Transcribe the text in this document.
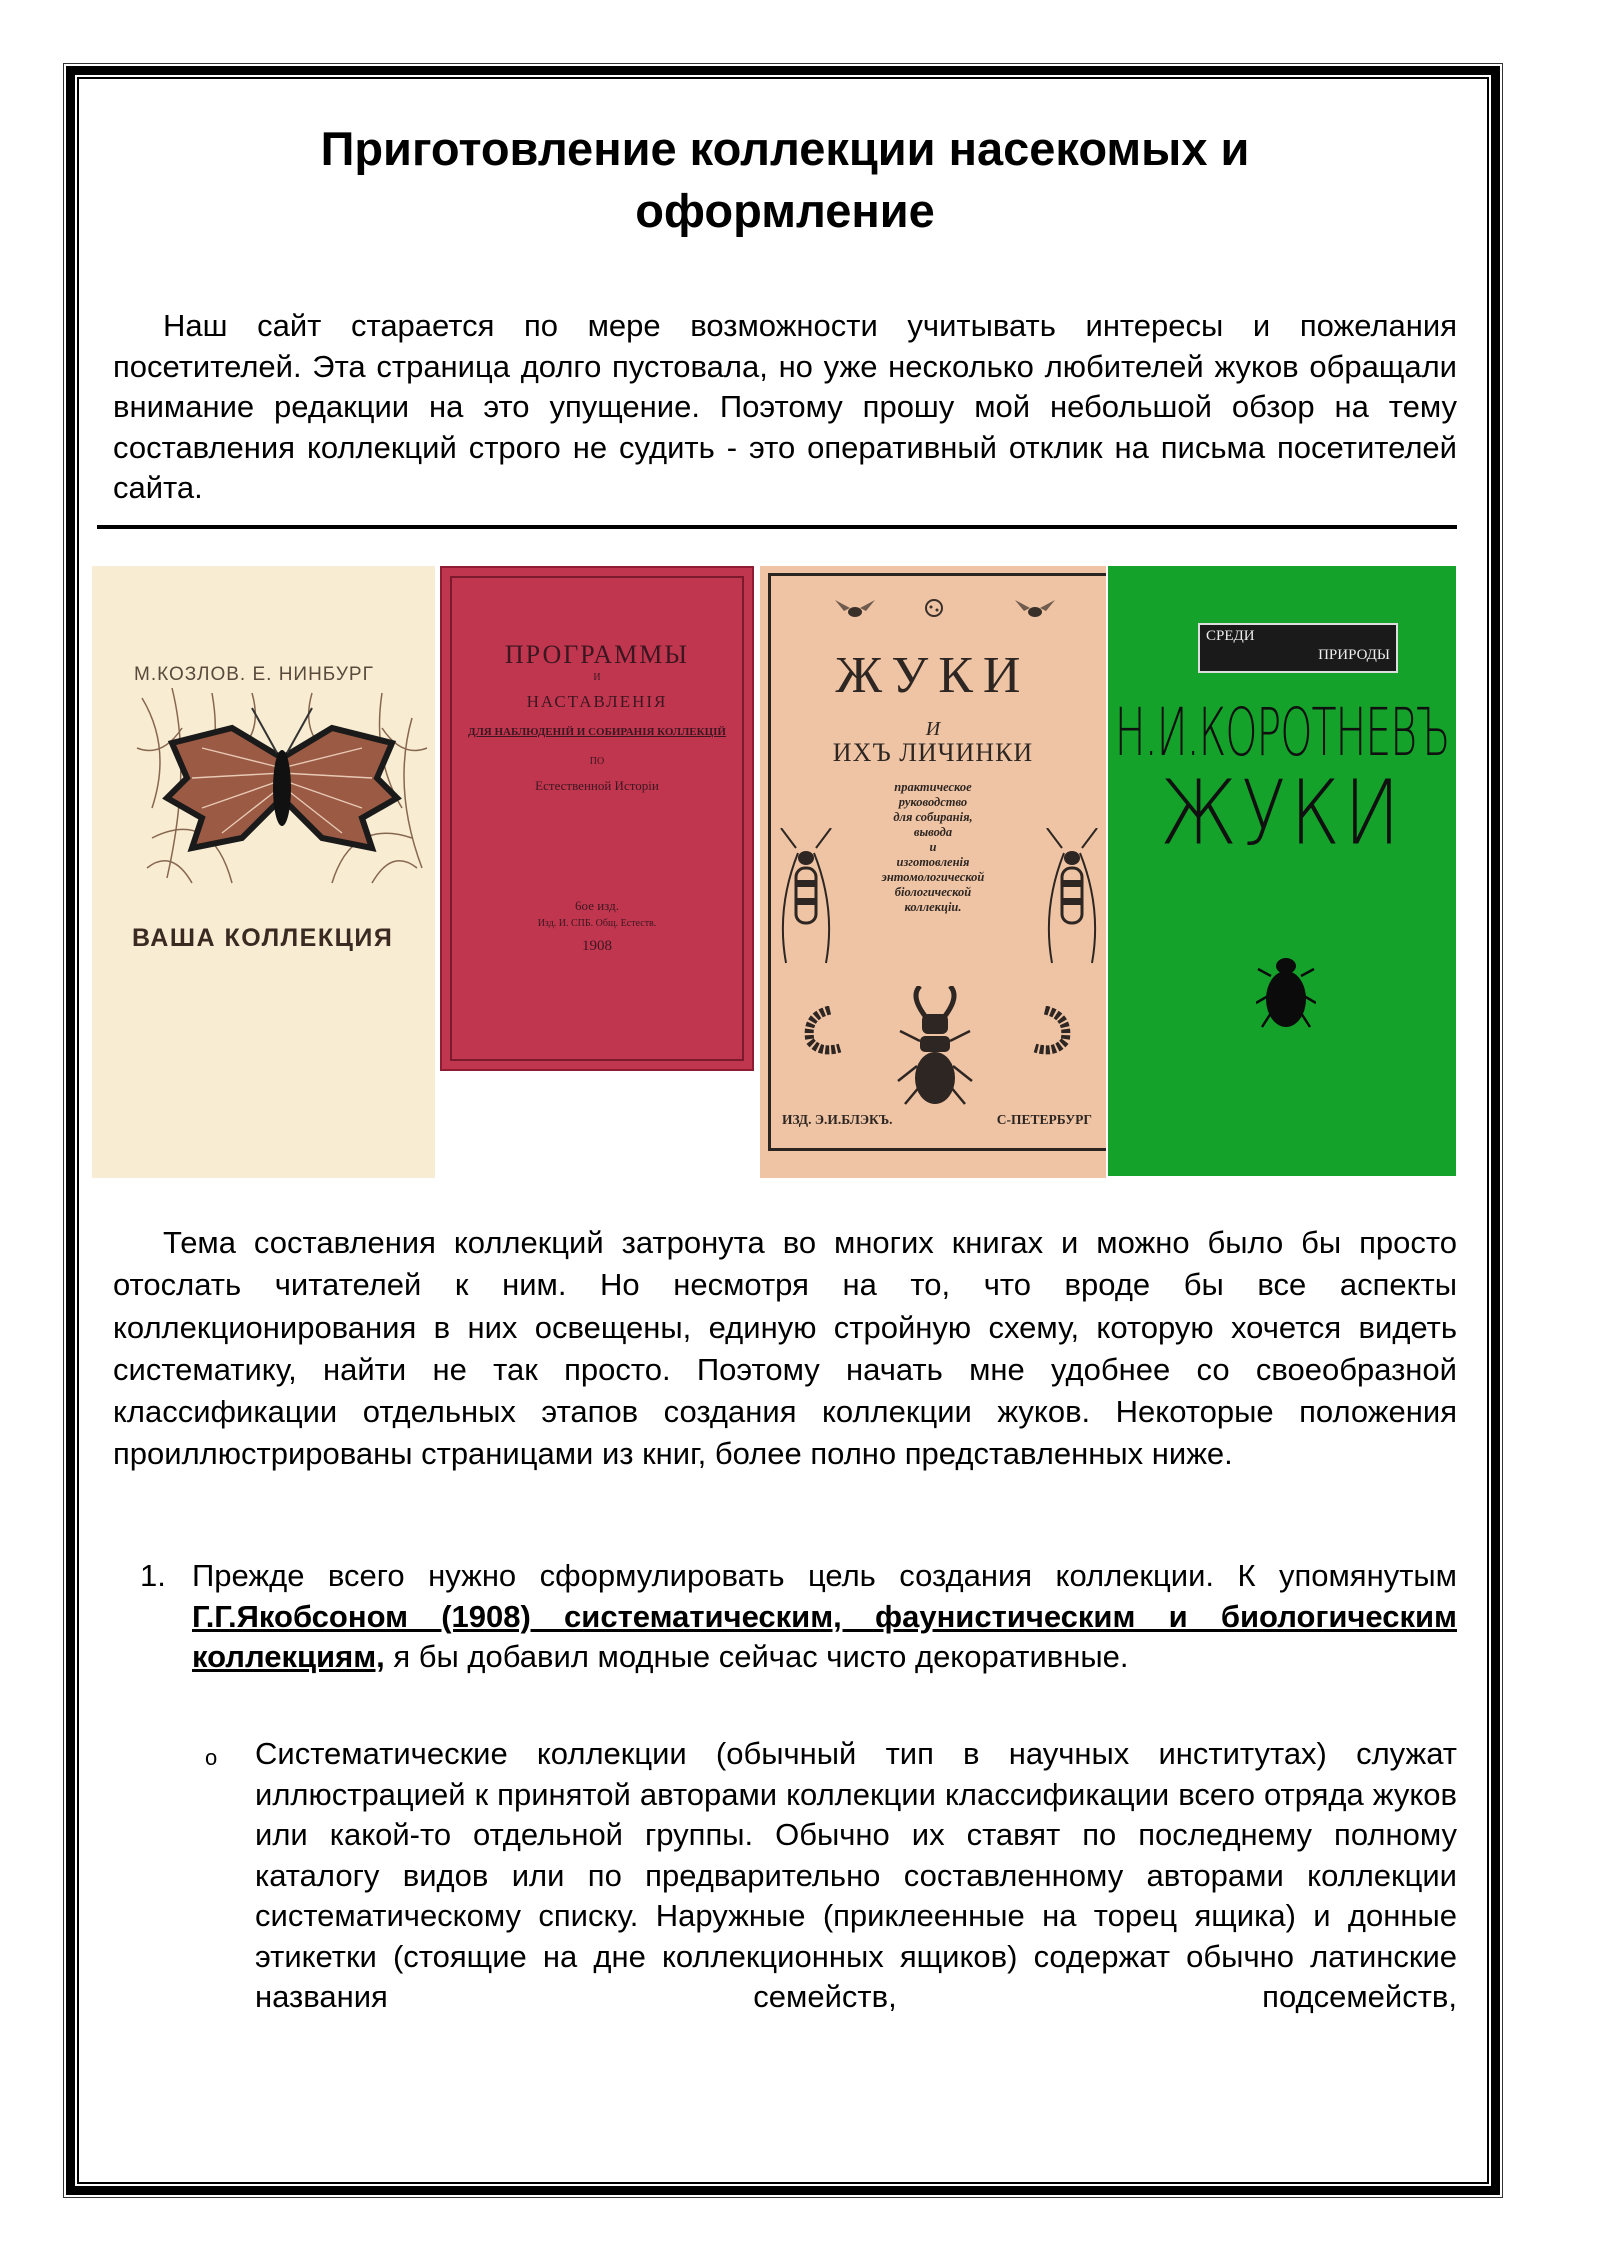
Приготовление коллекции насекомых и
оформление

Наш сайт старается по мере возможности учитывать интересы и пожелания посетителей. Эта страница долго пустовала, но уже несколько любителей жуков обращали внимание редакции на это упущение. Поэтому прошу мой небольшой обзор на тему составления коллекций строго не судить - это оперативный отклик на письма посетителей сайта.

М.КОЗЛОВ. Е. НИНБУРГ
ВАША КОЛЛЕКЦИЯ
ПРОГРАММЫ
И
НАСТАВЛЕНІЯ
ДЛЯ НАБЛЮДЕНІЙ И СОБИРАНІЯ КОЛЛЕКЦІЙ
ПО
Естественной Исторіи
6ое изд.
Изд. И. СПБ. Общ. Естеств.
1908
ЖУКИ
И
ИХЪ ЛИЧИНКИ
практическое
руководство
для собиранія,
вывода
и
изготовленія
энтомологической
біологической
коллекціи.
ИЗД. Э.И.БЛЭКЪ.	С-ПЕТЕРБУРГ
СРЕДИ
ПРИРОДЫ
Н.И.КОРОТНЕВЪ
ЖУКИ

Тема составления коллекций затронута во многих книгах и можно было бы просто отослать читателей к ним. Но несмотря на то, что вроде бы все аспекты коллекционирования в них освещены, единую стройную схему, которую хочется видеть систематику, найти не так просто. Поэтому начать мне удобнее со своеобразной классификации отдельных этапов создания коллекции жуков. Некоторые положения проиллюстрированы страницами из книг, более полно представленных ниже.

1. Прежде всего нужно сформулировать цель создания коллекции. К упомянутым Г.Г.Якобсоном (1908) систематическим, фаунистическим и биологическим коллекциям, я бы добавил модные сейчас чисто декоративные.
o Систематические коллекции (обычный тип в научных институтах) служат иллюстрацией к принятой авторами коллекции классификации всего отряда жуков или какой-то отдельной группы. Обычно их ставят по последнему полному каталогу видов или по предварительно составленному авторами коллекции систематическому списку. Наружные (приклеенные на торец ящика) и донные этикетки (стоящие на дне коллекционных ящиков) содержат обычно латинские названия семейств, подсемейств,
